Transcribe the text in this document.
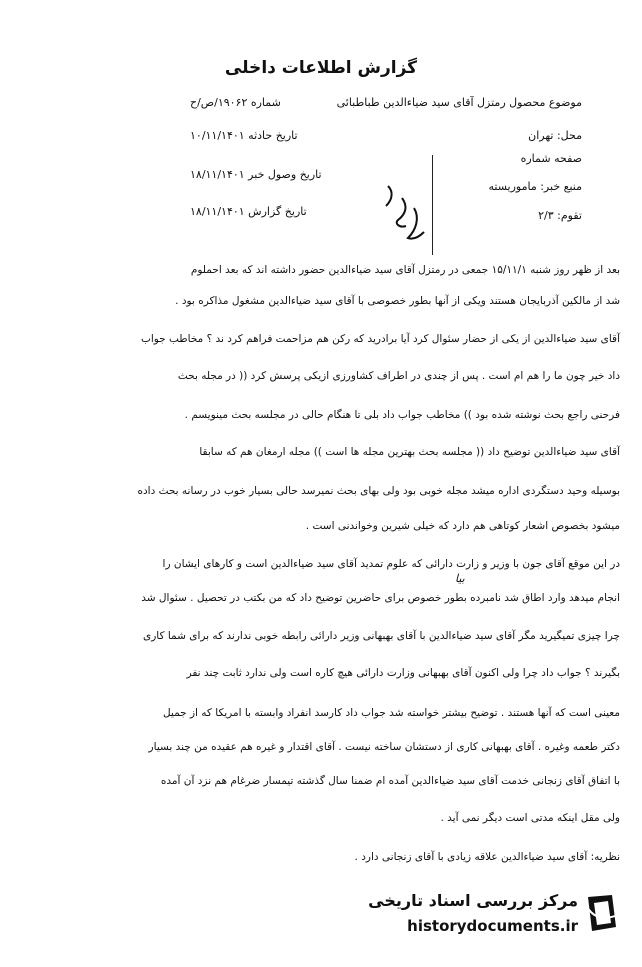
گزارش اطلاعات داخلی
موضوع محصول رمتزل آقای سید ضیاءالدین طباطبائی
محل: تهران
صفحه شماره
منبع خبر: ماموریسته
تقوم: ۲/۳
شماره ۱۹۰۶۲/ص/ح
تاریخ حادثه ۱۰/۱۱/۱۴۰۱
تاریخ وصول خبر ۱۸/۱۱/۱۴۰۱
تاریخ گزارش ۱۸/۱۱/۱۴۰۱
بعد از ظهر روز شنبه ۱۵/۱۱/۱ جمعی در رمتزل آقای سید ضیاءالدین حضور داشته اند که بعد احملوم
شد از مالکین آذربایجان هستند ویکی از آنها بطور خصوصی با آقای سید ضیاءالدین مشغول مذاکره بود .
آقای سید ضیاءالدین از یکی از حضار سئوال کرد آیا برادرید که رکن هم مزاحمت فراهم کرد ند ؟ مخاطب جواب
داد خیر چون ما را هم ام است . پس از چندی در اطراف کشاورزی ازیکی پرسش کرد (( در مجله بحث
فرحنی راجع بحث نوشته شده بود )) مخاطب جواب داد بلی تا هنگام حالی در مجلسه بحث مینویسم .
آقای سید ضیاءالدین توضیح داد (( مجلسه بحث بهترین مجله ها است )) مجله ارمغان هم که سابقا
بوسیله وحید دستگردی اداره میشد مجله خوبی بود ولی بهای بحث نمیرسد حالی بسیار خوب در رسانه بحث داده
میشود بخصوص اشعار کوتاهی هم دارد که خیلی شیرین وخواندنی است .
در این موقع آقای جون با وزیر و زارت دارائی که علوم تمدید آقای سید ضیاءالدین است و کارهای ایشان را
انجام میدهد وارد اطاق شد نامبرده بطور خصوص برای حاضرین توضیح داد که من بکتب در تحصیل . سئوال شد
چرا چیزی تمیگیرید مگر آقای سید ضیاءالدین با آقای بهبهانی وزیر دارائی رابطه خوبی ندارند که برای شما کاری
بگیرند ؟ جواب داد چرا ولی اکنون آقای بهبهانی وزارت دارائی هیچ کاره است ولی ندارد ثابت چند نفر
معینی است که آنها هستند . توضیح بیشتر خواسته شد جواب داد کارسد انفراد وابسته با امریکا که از جمیل
دکتر طعمه وغیره . آقای بهبهانی کاری از دستشان ساخته نیست . آقای اقتدار و غیره هم عقیده من چند بسیار
با اتفاق آقای زنجانی خدمت آقای سید ضیاءالدین آمده ام ضمنا سال گذشته تیمسار ضرغام هم نزد آن آمده
ولی مقل اینکه مدتی است دیگر نمی آید .
نظریه: آقای سید ضیاءالدین علاقه زیادی با آقای زنجانی دارد .
بیا
مرکز بررسی اسناد تاریخی
historydocuments.ir
